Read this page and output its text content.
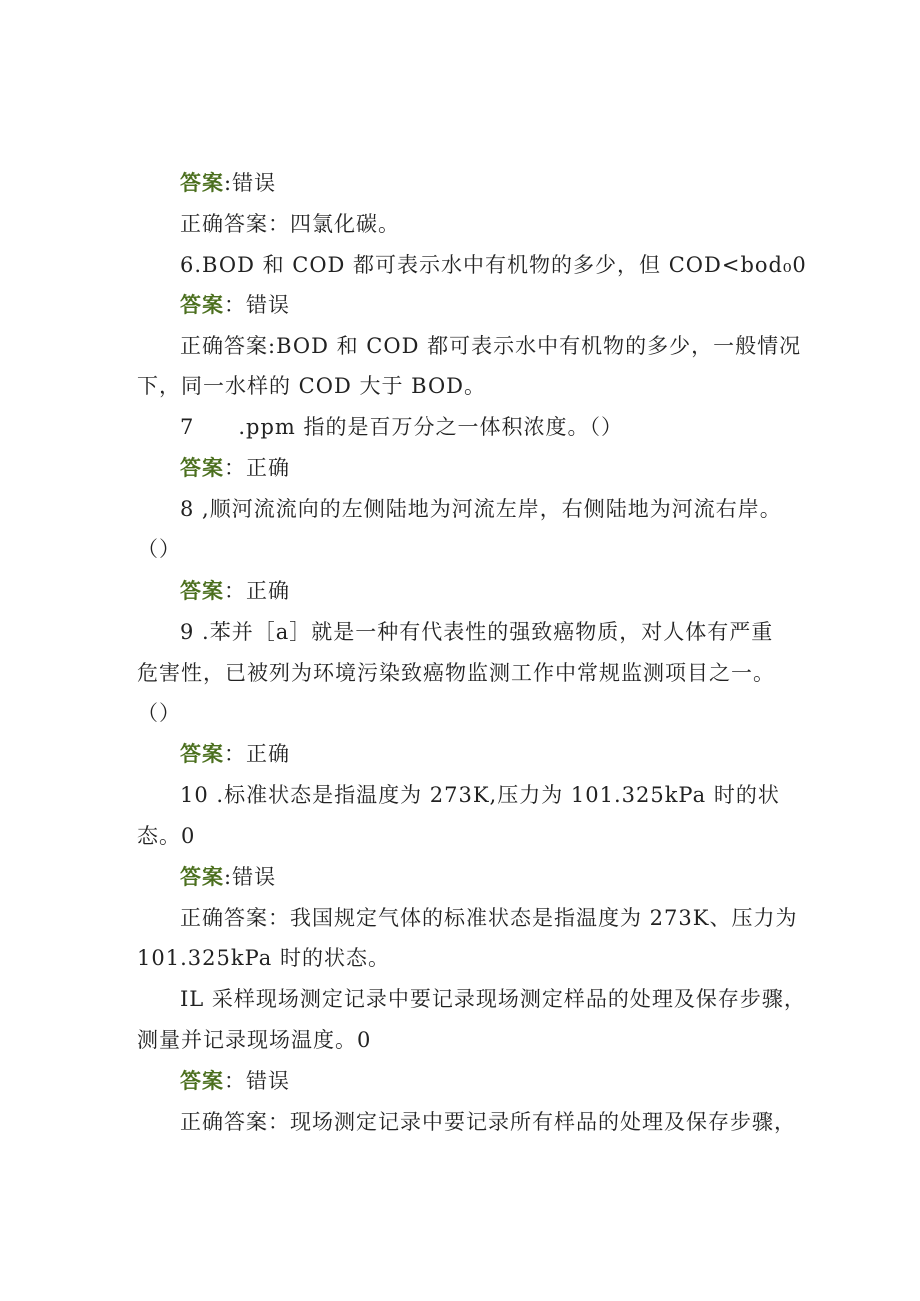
答案:错误
正确答案：四氯化碳。
6.BOD 和 COD 都可表示水中有机物的多少，但 COD<bod₀0
答案：错误
正确答案:BOD 和 COD 都可表示水中有机物的多少，一般情况
下，同一水样的 COD 大于 BOD。
7　　.ppm 指的是百万分之一体积浓度。（）
答案：正确
8 ,顺河流流向的左侧陆地为河流左岸，右侧陆地为河流右岸。
（）
答案：正确
9 .苯并［a］就是一种有代表性的强致癌物质，对人体有严重
危害性，已被列为环境污染致癌物监测工作中常规监测项目之一。
（）
答案：正确
10 .标准状态是指温度为 273K,压力为 101.325kPa 时的状
态。0
答案:错误
正确答案：我国规定气体的标准状态是指温度为 273K、压力为
101.325kPa 时的状态。
IL 采样现场测定记录中要记录现场测定样品的处理及保存步骤，
测量并记录现场温度。0
答案：错误
正确答案：现场测定记录中要记录所有样品的处理及保存步骤，
